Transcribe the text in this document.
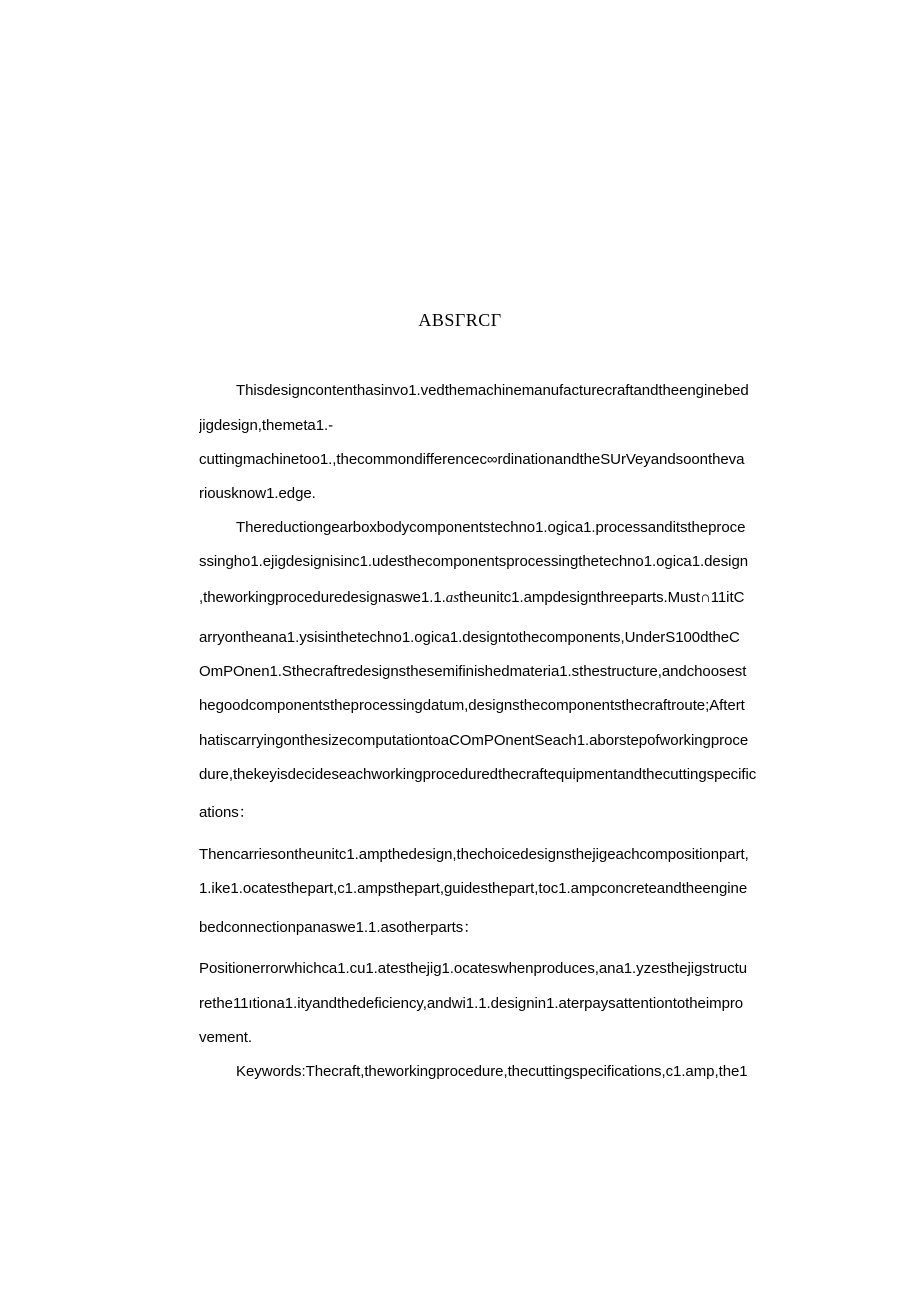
ABSΓRCΓ
Thisdesigncontenthasinvo1.vedthemachinemanufacturecraftandtheenginebed
jigdesign,themeta1.-
cuttingmachinetoo1.,thecommondifferencec∞rdinationandtheSUrVeyandsoontheva
riousknow1.edge.
Thereductiongearboxbodycomponentstechno1.ogica1.processanditstheproce
ssingho1.ejigdesignisinc1.udesthecomponentsprocessingthetechno1.ogica1.design
,theworkingproceduredesignaswe1.1.astheunitc1.ampdesignthreeparts.Must∩11itC
arryontheana1.ysisinthetechno1.ogica1.designtothecomponents,UnderS100dtheC
OmPOnen1.Sthecraftredesignsthesemifinishedmateria1.sthestructure,andchoosest
hegoodcomponentstheprocessingdatum,designsthecomponentsthecraftroute;Aftert
hatiscarryingonthesizecomputationtoaCOmPOnentSeach1.aborstepofworkingproce
dure,thekeyisdecideseachworkingproceduredthecraftequipmentandthecuttingspecific
ations：
Thencarriesontheunitc1.ampthedesign,thechoicedesignsthejigeachcompositionpart,
1.ike1.ocatesthepart,c1.ampsthepart,guidesthepart,toc1.ampconcreteandtheengine
bedconnectionpanaswe1.1.asotherparts：
Positionerrorwhichca1.cu1.atesthejig1.ocateswhenproduces,ana1.yzesthejigstructu
rethe11ıtiona1.ityandthedeficiency,andwi1.1.designin1.aterpaysattentiontotheimpro
vement.
Keywords:Thecraft,theworkingprocedure,thecuttingspecifications,c1.amp,the1
